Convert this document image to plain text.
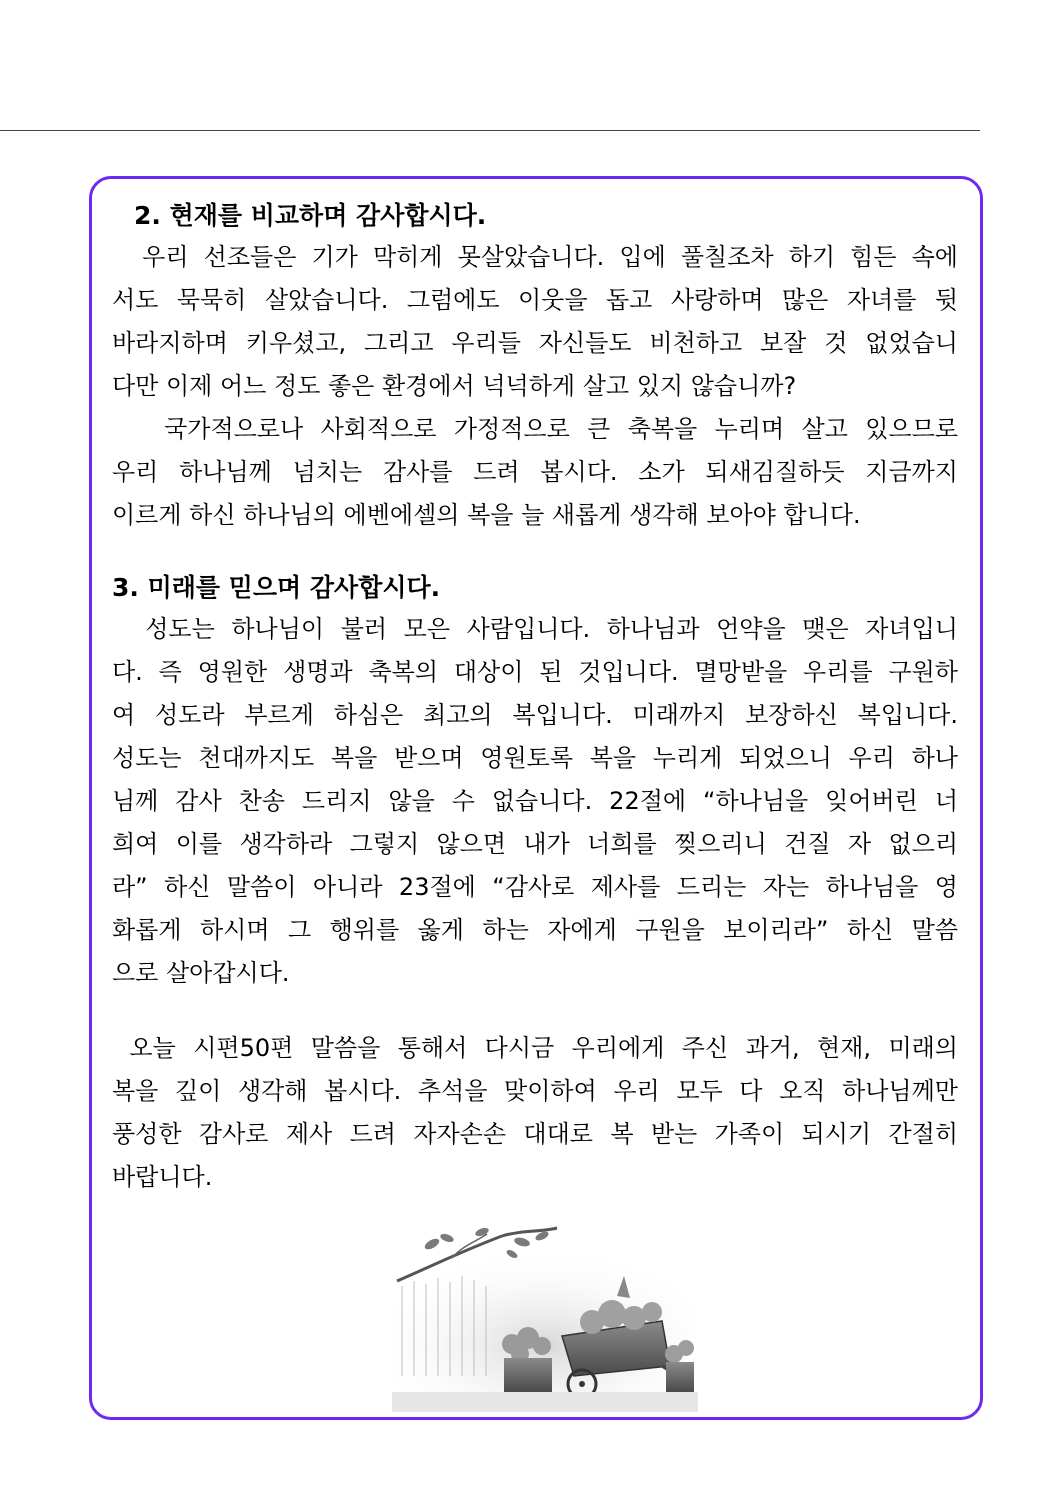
2. 현재를 비교하며 감사합시다.
우리 선조들은 기가 막히게 못살았습니다. 입에 풀칠조차 하기 힘든 속에
서도 묵묵히 살았습니다. 그럼에도 이웃을 돕고 사랑하며 많은 자녀를 뒷
바라지하며 키우셨고, 그리고 우리들 자신들도 비천하고 보잘 것 없었습니
다만 이제 어느 정도 좋은 환경에서 넉넉하게 살고 있지 않습니까?
국가적으로나 사회적으로 가정적으로 큰 축복을 누리며 살고 있으므로
우리 하나님께 넘치는 감사를 드려 봅시다. 소가 되새김질하듯 지금까지
이르게 하신 하나님의 에벤에셀의 복을 늘 새롭게 생각해 보아야 합니다.
3. 미래를 믿으며 감사합시다.
성도는 하나님이 불러 모은 사람입니다. 하나님과 언약을 맺은 자녀입니
다. 즉 영원한 생명과 축복의 대상이 된 것입니다. 멸망받을 우리를 구원하
여 성도라 부르게 하심은 최고의 복입니다. 미래까지 보장하신 복입니다.
성도는 천대까지도 복을 받으며 영원토록 복을 누리게 되었으니 우리 하나
님께 감사 찬송 드리지 않을 수 없습니다. 22절에 “하나님을 잊어버린 너
희여 이를 생각하라 그렇지 않으면 내가 너희를 찢으리니 건질 자 없으리
라” 하신 말씀이 아니라 23절에 “감사로 제사를 드리는 자는 하나님을 영
화롭게 하시며 그 행위를 옳게 하는 자에게 구원을 보이리라” 하신 말씀
으로 살아갑시다.
오늘 시편50편 말씀을 통해서 다시금 우리에게 주신 과거, 현재, 미래의
복을 깊이 생각해 봅시다. 추석을 맞이하여 우리 모두 다 오직 하나님께만
풍성한 감사로 제사 드려 자자손손 대대로 복 받는 가족이 되시기 간절히
바랍니다.
